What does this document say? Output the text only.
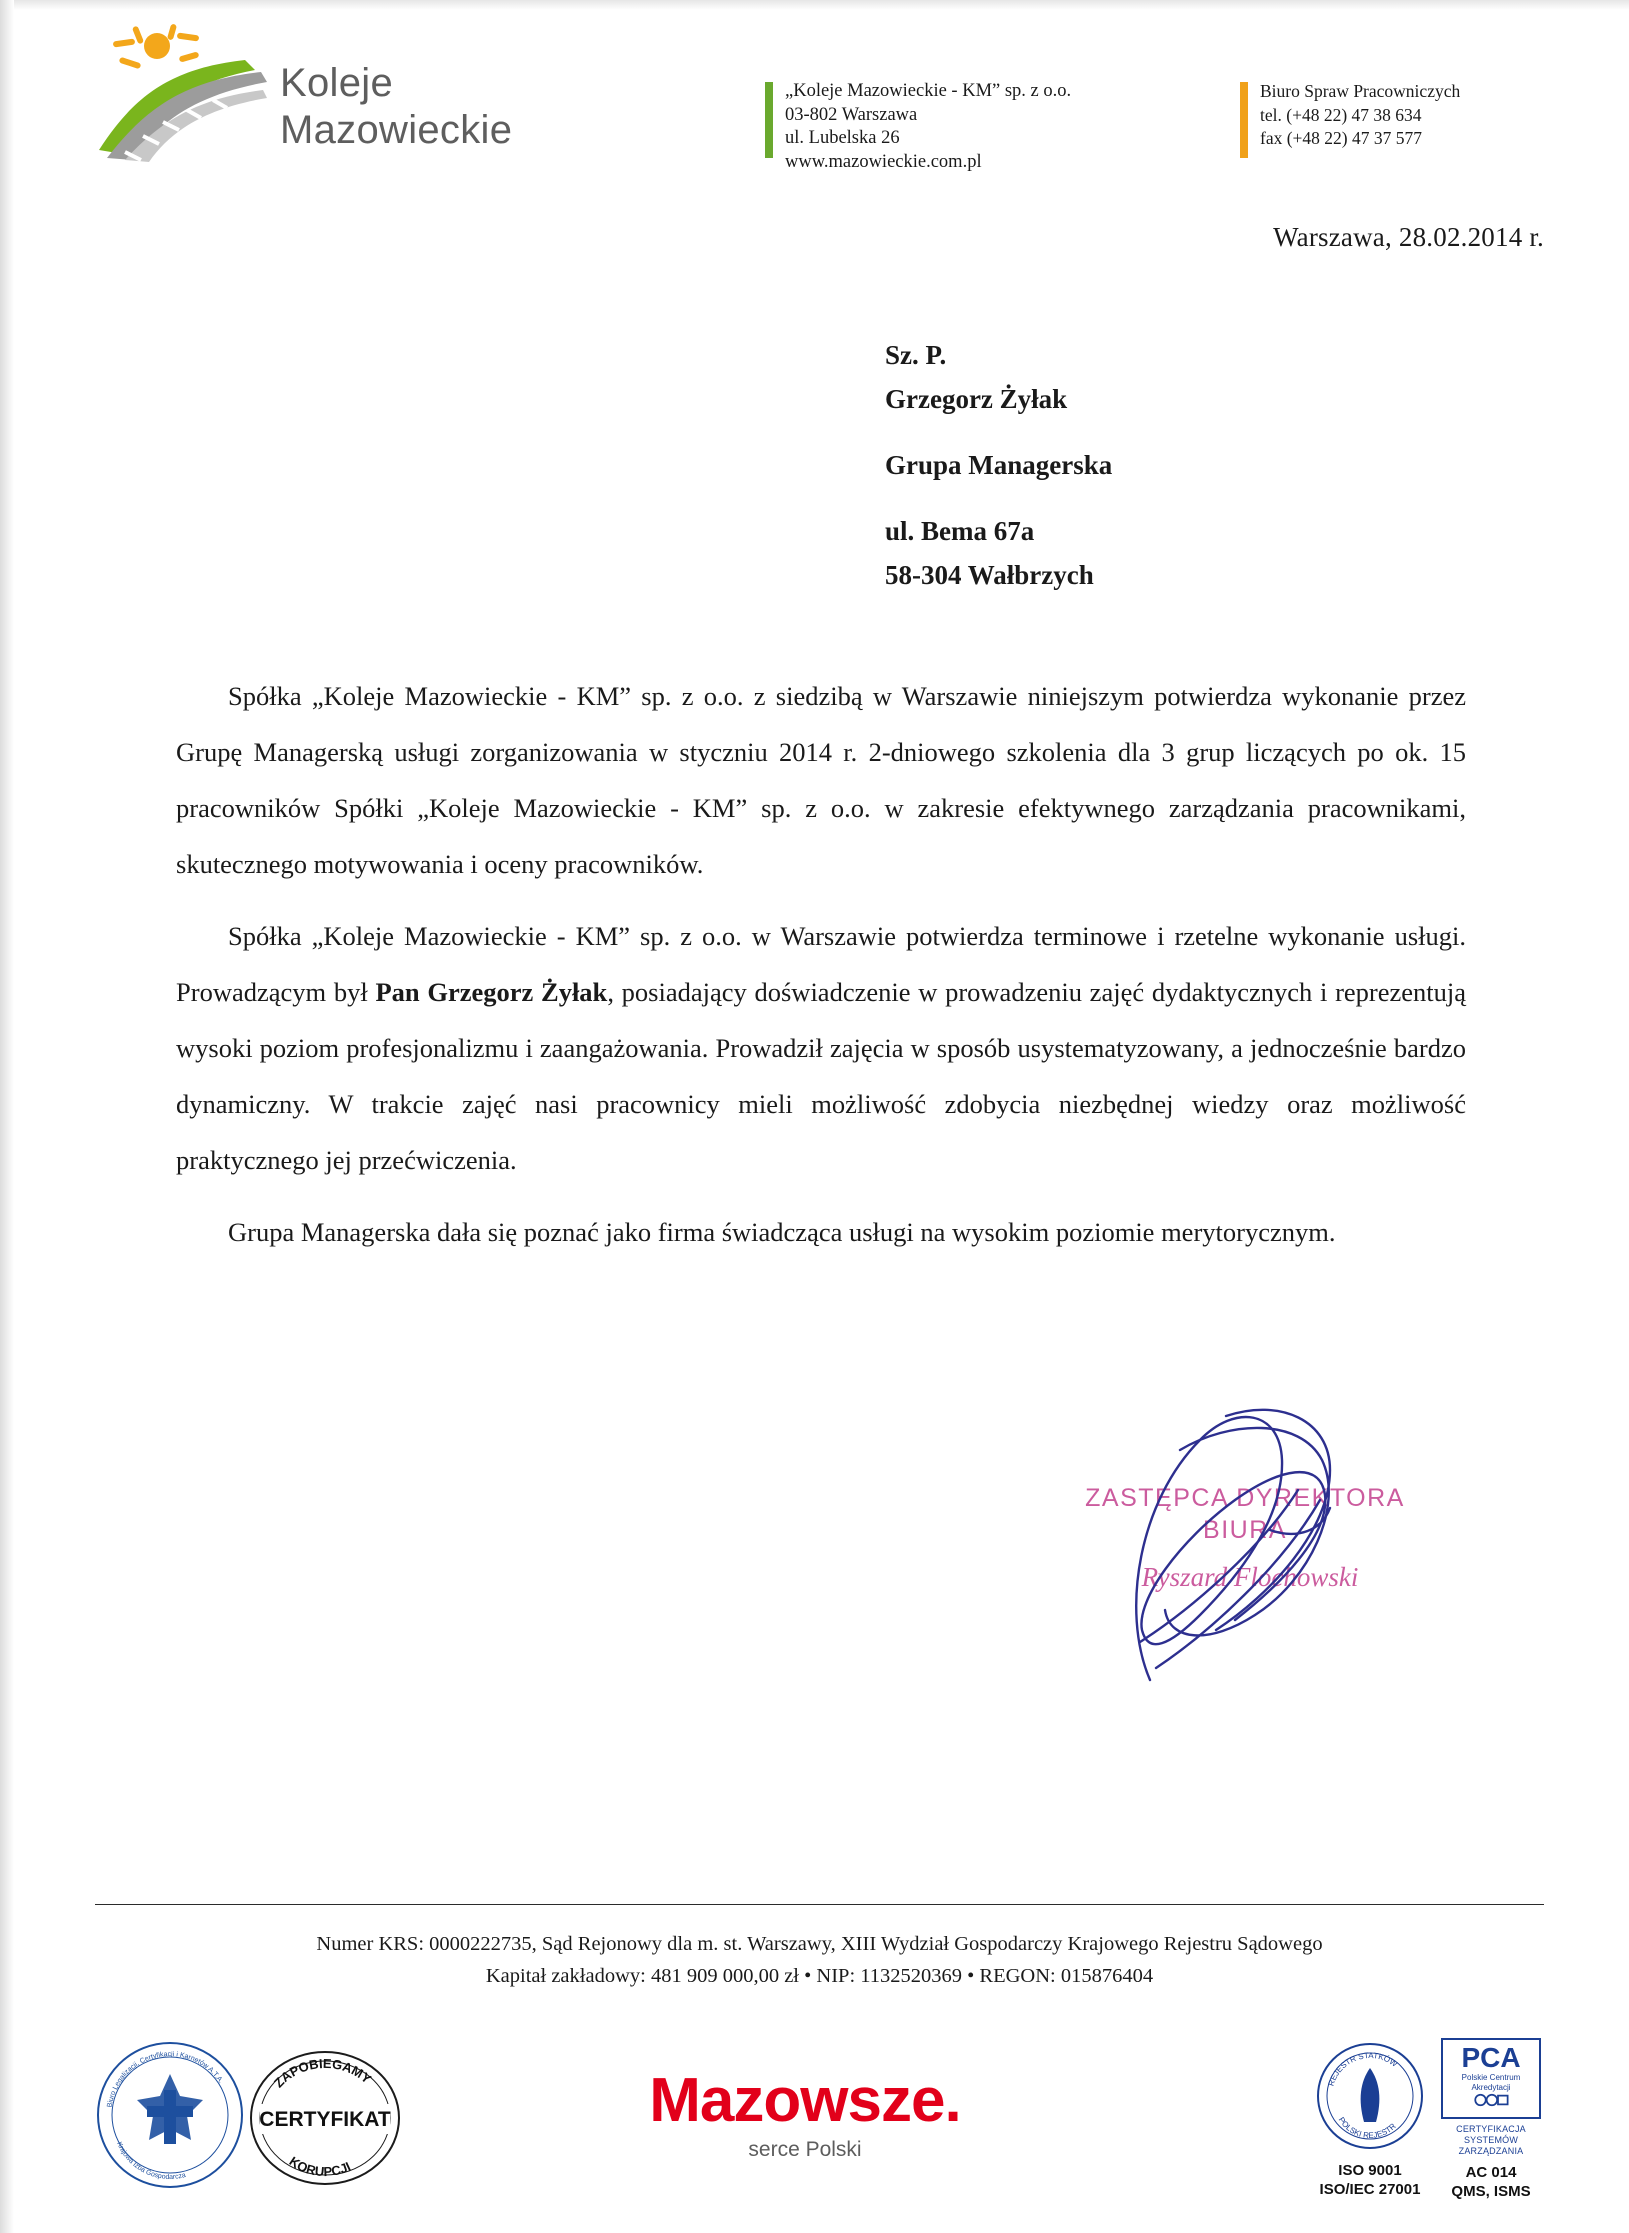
Koleje
Mazowieckie
„Koleje Mazowieckie - KM” sp. z o.o.
03-802 Warszawa
ul. Lubelska 26
www.mazowieckie.com.pl
Biuro Spraw Pracowniczych
tel. (+48 22) 47 38 634
fax (+48 22) 47 37 577
Warszawa, 28.02.2014 r.
Sz. P.
Grzegorz Żyłak
Grupa Managerska
ul. Bema 67a
58-304 Wałbrzych

Spółka „Koleje Mazowieckie - KM” sp. z o.o. z siedzibą w Warszawie niniejszym potwierdza wykonanie przez Grupę Managerską usługi zorganizowania w styczniu 2014 r. 2-dniowego szkolenia dla 3 grup liczących po ok. 15 pracowników Spółki „Koleje Mazowieckie - KM” sp. z o.o. w zakresie efektywnego zarządzania pracownikami, skutecznego motywowania i oceny pracowników.

Spółka „Koleje Mazowieckie - KM” sp. z o.o. w Warszawie potwierdza terminowe i rzetelne wykonanie usługi. Prowadzącym był Pan Grzegorz Żyłak, posiadający doświadczenie w prowadzeniu zajęć dydaktycznych i reprezentują wysoki poziom profesjonalizmu i zaangażowania. Prowadził zajęcia w sposób usystematyzowany, a jednocześnie bardzo dynamiczny. W trakcie zajęć nasi pracownicy mieli możliwość zdobycia niezbędnej wiedzy oraz możliwość praktycznego jej przećwiczenia.

Grupa Managerska dała się poznać jako firma świadcząca usługi na wysokim poziomie merytorycznym.

ZASTĘPCA DYREKTORA
BIURA
Ryszard Flochowski
Numer KRS: 0000222735, Sąd Rejonowy dla m. st. Warszawy, XIII Wydział Gospodarczy Krajowego Rejestru Sądowego
Kapitał zakładowy: 481 909 000,00 zł • NIP: 1132520369 • REGON: 015876404
Biuro Legalizacji, Certyfikacji i Karnetów A.T.A.
Krajowa Izba Gospodarcza
CERTYFIKAT
ZAPOBIEGAMY
KORUPCJI
Mazowsze.
serce Polski
REJESTR STATKÓW
POLSKI REJESTR
ISO 9001
ISO/IEC 27001
PCA
Polskie Centrum Akredytacji
CERTYFIKACJA
SYSTEMÓW
ZARZĄDZANIA
AC 014
QMS, ISMS
